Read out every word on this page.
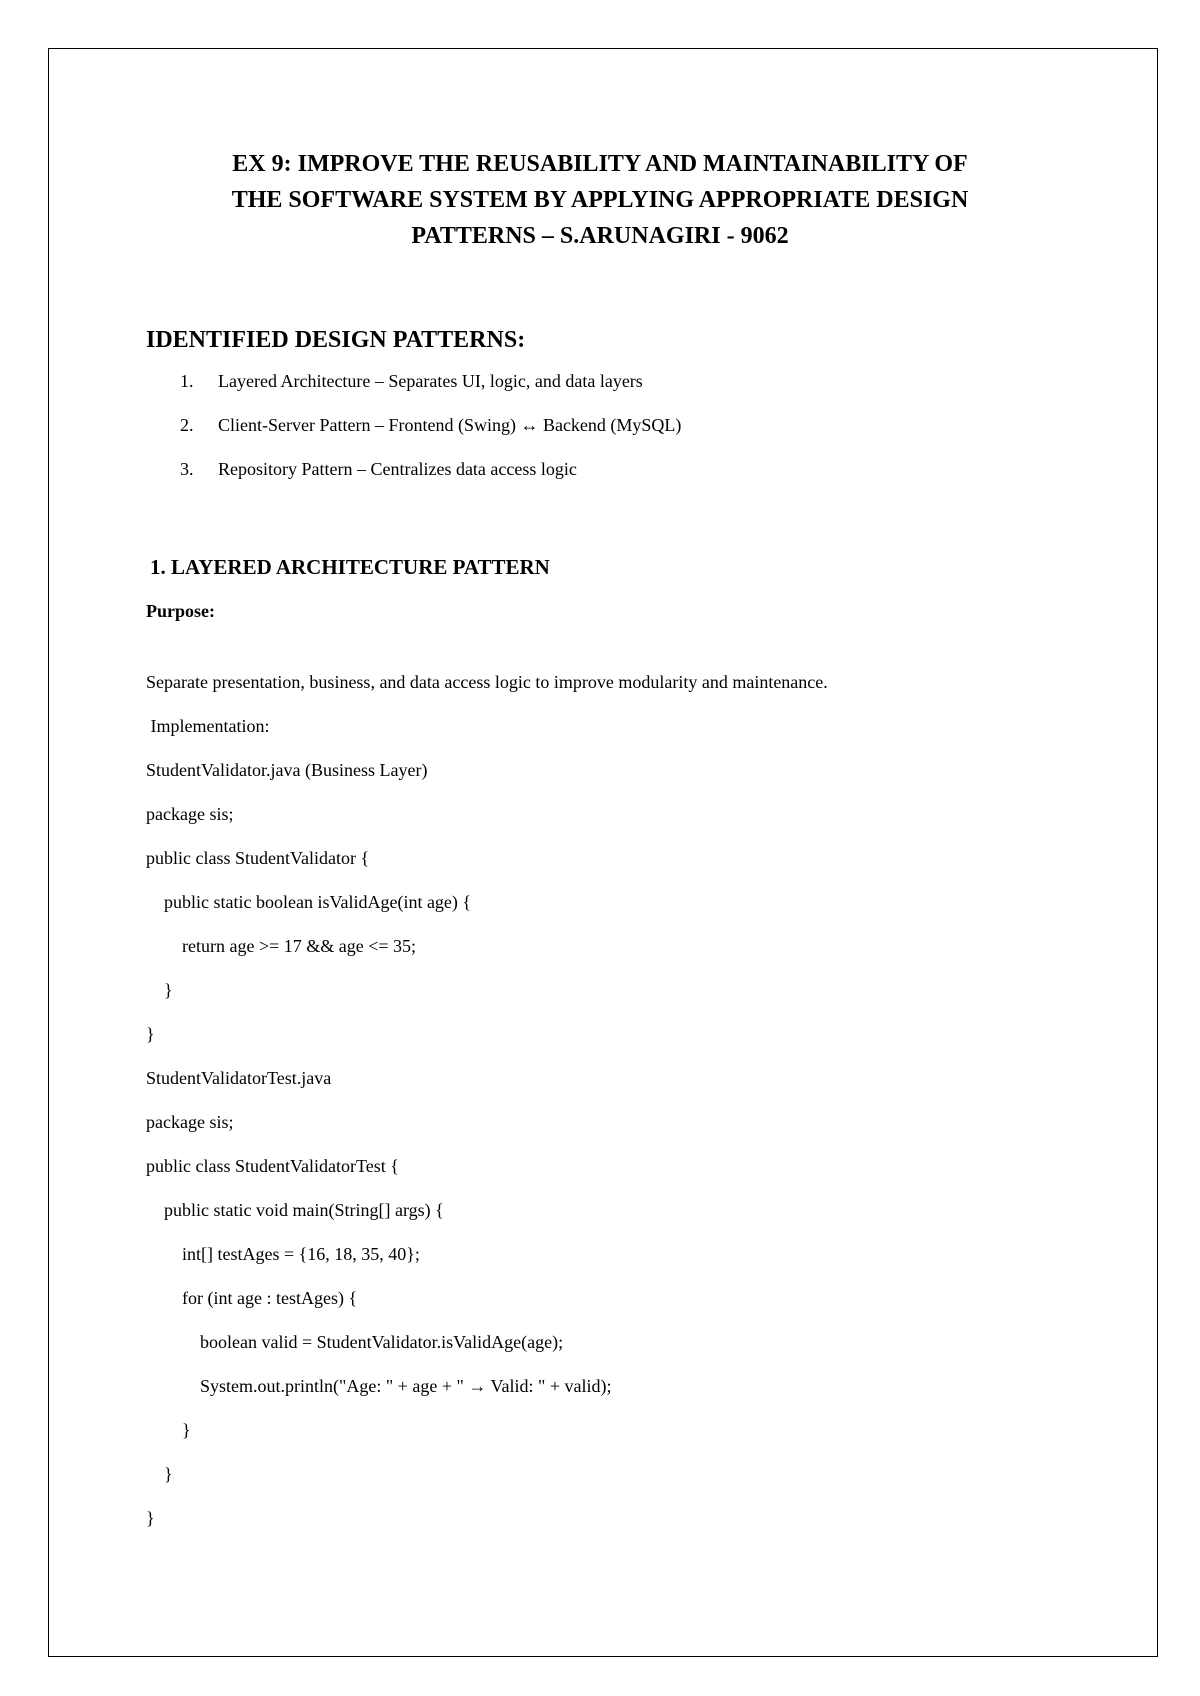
EX 9: IMPROVE THE REUSABILITY AND MAINTAINABILITY OF
THE SOFTWARE SYSTEM BY APPLYING APPROPRIATE DESIGN
PATTERNS – S.ARUNAGIRI - 9062
IDENTIFIED DESIGN PATTERNS:
1. Layered Architecture – Separates UI, logic, and data layers
2. Client-Server Pattern – Frontend (Swing) ↔ Backend (MySQL)
3. Repository Pattern – Centralizes data access logic
1. LAYERED ARCHITECTURE PATTERN
Purpose:
Separate presentation, business, and data access logic to improve modularity and maintenance.
Implementation:
StudentValidator.java (Business Layer)
package sis;
public class StudentValidator {
public static boolean isValidAge(int age) {
return age >= 17 && age <= 35;
}
}
StudentValidatorTest.java
package sis;
public class StudentValidatorTest {
public static void main(String[] args) {
int[] testAges = {16, 18, 35, 40};
for (int age : testAges) {
boolean valid = StudentValidator.isValidAge(age);
System.out.println("Age: " + age + " → Valid: " + valid);
}
}
}
